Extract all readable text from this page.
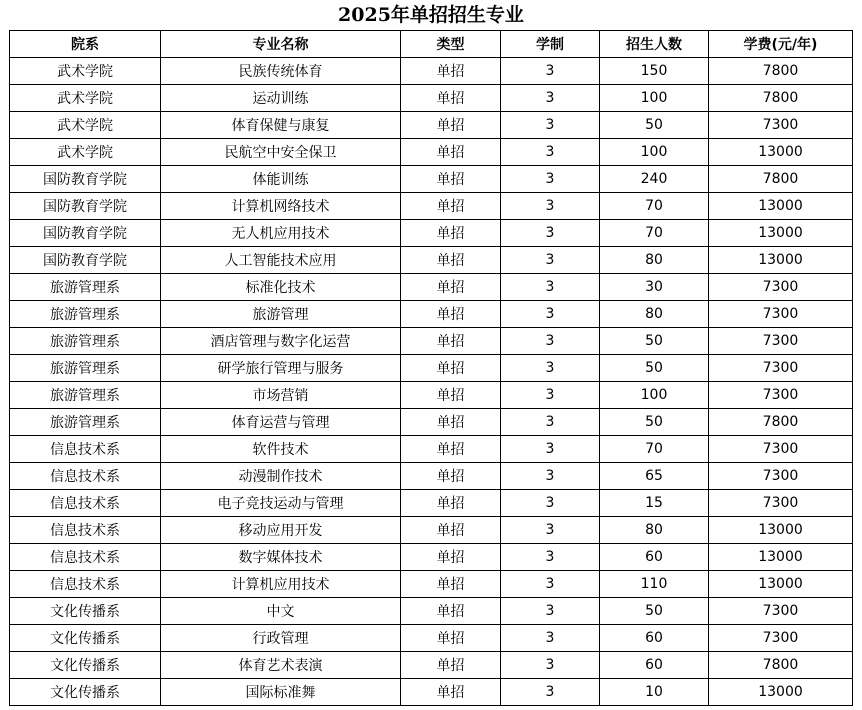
2025年单招招生专业
院系	专业名称	类型	学制	招生人数	学费(元/年)
武术学院	民族传统体育	单招	3	150	7800
武术学院	运动训练	单招	3	100	7800
武术学院	体育保健与康复	单招	3	50	7300
武术学院	民航空中安全保卫	单招	3	100	13000
国防教育学院	体能训练	单招	3	240	7800
国防教育学院	计算机网络技术	单招	3	70	13000
国防教育学院	无人机应用技术	单招	3	70	13000
国防教育学院	人工智能技术应用	单招	3	80	13000
旅游管理系	标准化技术	单招	3	30	7300
旅游管理系	旅游管理	单招	3	80	7300
旅游管理系	酒店管理与数字化运营	单招	3	50	7300
旅游管理系	研学旅行管理与服务	单招	3	50	7300
旅游管理系	市场营销	单招	3	100	7300
旅游管理系	体育运营与管理	单招	3	50	7800
信息技术系	软件技术	单招	3	70	7300
信息技术系	动漫制作技术	单招	3	65	7300
信息技术系	电子竞技运动与管理	单招	3	15	7300
信息技术系	移动应用开发	单招	3	80	13000
信息技术系	数字媒体技术	单招	3	60	13000
信息技术系	计算机应用技术	单招	3	110	13000
文化传播系	中文	单招	3	50	7300
文化传播系	行政管理	单招	3	60	7300
文化传播系	体育艺术表演	单招	3	60	7800
文化传播系	国际标准舞	单招	3	10	13000
